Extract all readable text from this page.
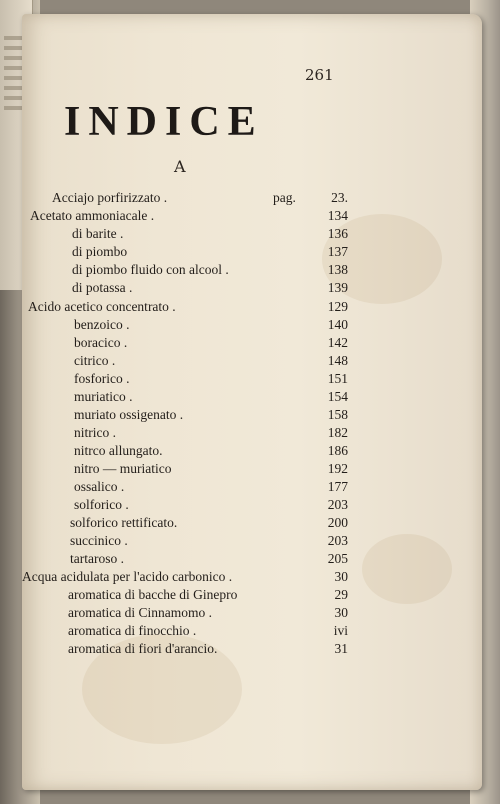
261
INDICE
A
Acciajo porfirizzato .	pag.	23.
Acetato ammoniacale .	134
di barite .	136
di piombo	137
di piombo fluido con alcool .	138
di potassa .	139
Acido acetico concentrato .	129
benzoico .	140
boracico .	142
citrico .	148
fosforico .	151
muriatico .	154
muriato ossigenato .	158
nitrico .	182
nitrco allungato.	186
nitro — muriatico	192
ossalico .	177
solforico .	203
solforico rettificato.	200
succinico .	203
tartaroso .	205
Acqua acidulata per l'acido carbonico .	30
aromatica di bacche di Ginepro	29
aromatica di Cinnamomo .	30
aromatica di finocchio .	ivi
aromatica di fiori d'arancio.	31
